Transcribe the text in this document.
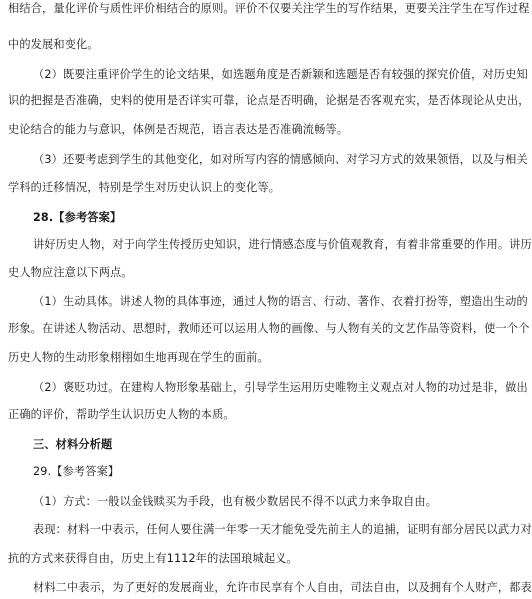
相结合，量化评价与质性评价相结合的原则。评价不仅要关注学生的写作结果，更要关注学生在写作过程
中的发展和变化。
（2）既要注重评价学生的论文结果，如选题角度是否新颖和选题是否有较强的探究价值，对历史知
识的把握是否准确，史料的使用是否详实可靠，论点是否明确，论据是否客观充实，是否体现论从史出，
史论结合的能力与意识，体例是否规范，语言表达是否准确流畅等。
（3）还要考虑到学生的其他变化，如对所写内容的情感倾向、对学习方式的效果领悟，以及与相关
学科的迁移情况，特别是学生对历史认识上的变化等。
28.【参考答案】
讲好历史人物，对于向学生传授历史知识，进行情感态度与价值观教育，有着非常重要的作用。讲历
史人物应注意以下两点。
（1）生动具体。讲述人物的具体事迹，通过人物的语言、行动、著作、衣着打扮等，塑造出生动的
形象。在讲述人物活动、思想时，教师还可以运用人物的画像、与人物有关的文艺作品等资料，使一个个
历史人物的生动形象栩栩如生地再现在学生的面前。
（2）褒贬功过。在建构人物形象基础上，引导学生运用历史唯物主义观点对人物的功过是非，做出
正确的评价，帮助学生认识历史人物的本质。
三、材料分析题
29.【参考答案】
（1）方式：一般以金钱赎买为手段，也有极少数居民不得不以武力来争取自由。
表现：材料一中表示，任何人要住满一年零一天才能免受先前主人的追捕，证明有部分居民以武力对
抗的方式来获得自由，历史上有1112年的法国琅城起义。
材料二中表示，为了更好的发展商业，允许市民享有个人自由，司法自由，以及拥有个人财产，都表
